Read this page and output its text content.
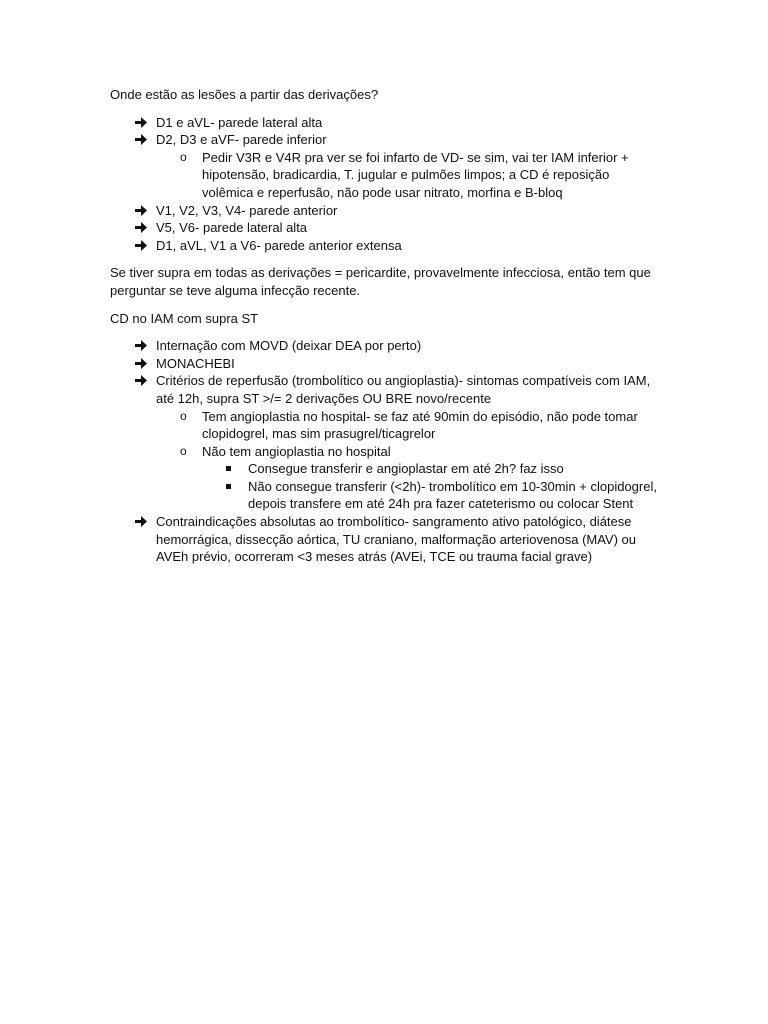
Onde estão as lesões a partir das derivações?

D1 e aVL- parede lateral alta
D2, D3 e aVF- parede inferior
o Pedir V3R e V4R pra ver se foi infarto de VD- se sim, vai ter IAM inferior + hipotensão, bradicardia, T. jugular e pulmões limpos; a CD é reposição volêmica e reperfusão, não pode usar nitrato, morfina e B-bloq
V1, V2, V3, V4- parede anterior
V5, V6- parede lateral alta
D1, aVL, V1 a V6- parede anterior extensa

Se tiver supra em todas as derivações = pericardite, provavelmente infecciosa, então tem que perguntar se teve alguma infecção recente.

CD no IAM com supra ST

Internação com MOVD (deixar DEA por perto)
MONACHEBI
Critérios de reperfusão (trombolítico ou angioplastia)- sintomas compatíveis com IAM, até 12h, supra ST >/= 2 derivações OU BRE novo/recente
o Tem angioplastia no hospital- se faz até 90min do episódio, não pode tomar clopidogrel, mas sim prasugrel/ticagrelor
o Não tem angioplastia no hospital
Consegue transferir e angioplastar em até 2h? faz isso
Não consegue transferir (<2h)- trombolítico em 10-30min + clopidogrel, depois transfere em até 24h pra fazer cateterismo ou colocar Stent
Contraindicações absolutas ao trombolítico- sangramento ativo patológico, diátese hemorrágica, dissecção aórtica, TU craniano, malformação arteriovenosa (MAV) ou AVEh prévio, ocorreram <3 meses atrás (AVEi, TCE ou trauma facial grave)
